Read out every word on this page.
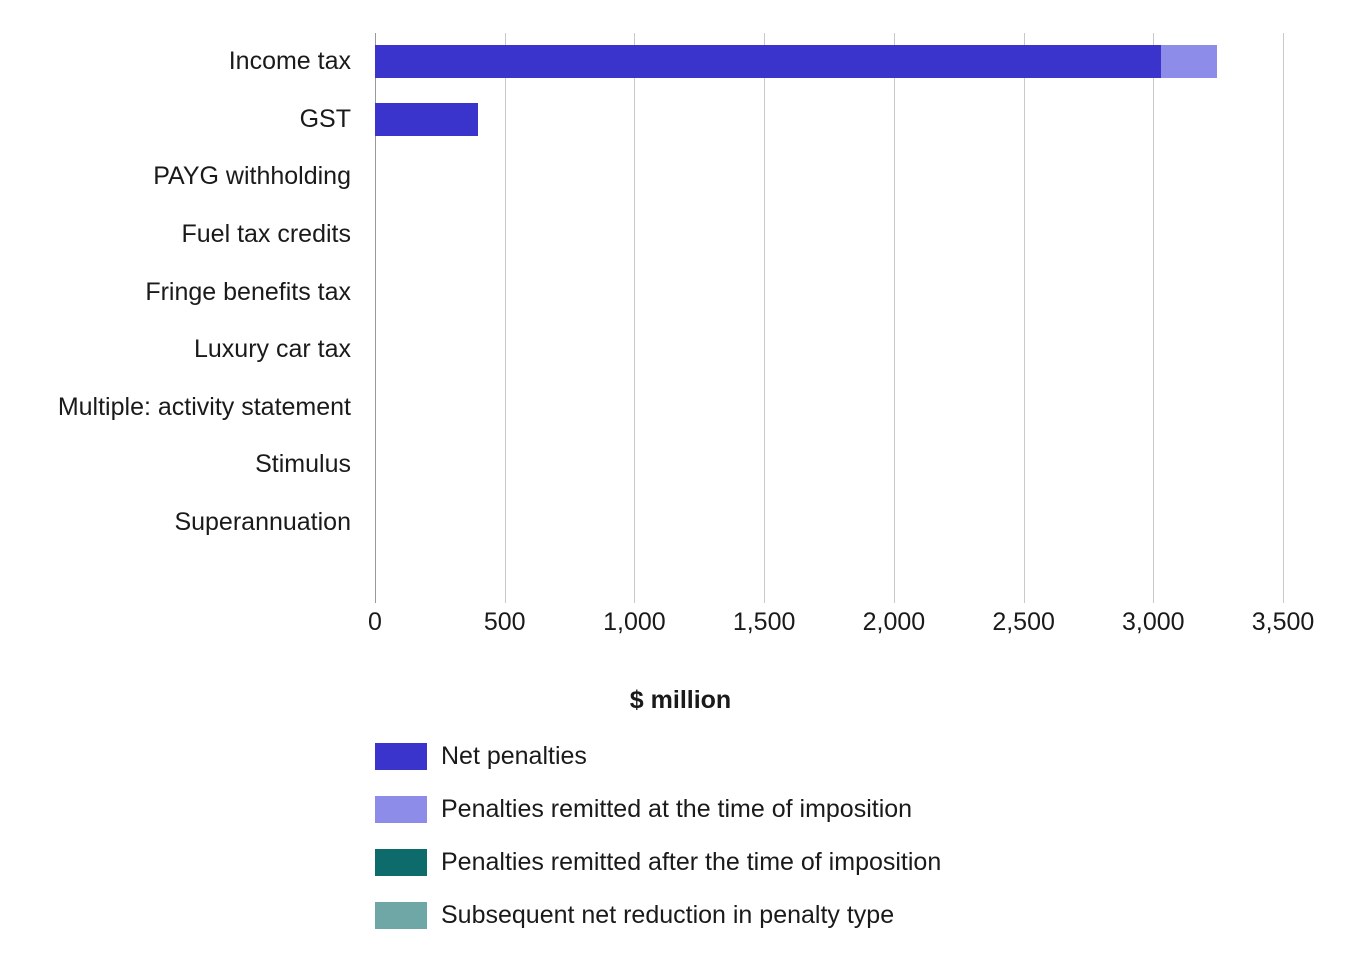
Income tax
GST
PAYG withholding
Fuel tax credits
Fringe benefits tax
Luxury car tax
Multiple: activity statement
Stimulus
Superannuation
0	500	1,000	1,500	2,000	2,500	3,000	3,500
$ million
Net penalties
Penalties remitted at the time of imposition
Penalties remitted after the time of imposition
Subsequent net reduction in penalty type
